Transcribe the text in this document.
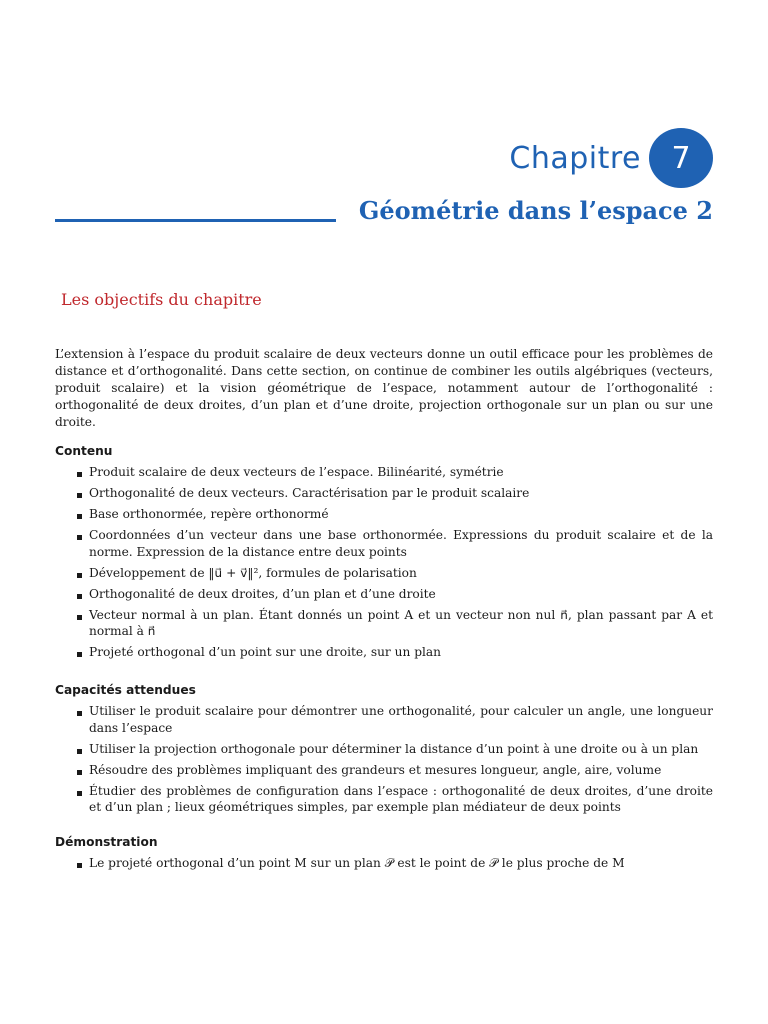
Chapitre	7
Géométrie dans l’espace 2
Les objectifs du chapitre

L’extension à l’espace du produit scalaire de deux vecteurs donne un outil efficace pour les problèmes de distance et d’orthogonalité. Dans cette section, on continue de combiner les outils algébriques (vecteurs, produit scalaire) et la vision géométrique de l’espace, notamment autour de l’orthogonalité : orthogonalité de deux droites, d’un plan et d’une droite, projection orthogonale sur un plan ou sur une droite.

Contenu
Produit scalaire de deux vecteurs de l’espace. Bilinéarité, symétrie
Orthogonalité de deux vecteurs. Caractérisation par le produit scalaire
Base orthonormée, repère orthonormé
Coordonnées d’un vecteur dans une base orthonormée. Expressions du produit scalaire et de la norme. Expression de la distance entre deux points
Développement de ‖u⃗ + v⃗‖², formules de polarisation
Orthogonalité de deux droites, d’un plan et d’une droite
Vecteur normal à un plan. Étant donnés un point A et un vecteur non nul n⃗, plan passant par A et normal à n⃗
Projeté orthogonal d’un point sur une droite, sur un plan
Capacités attendues
Utiliser le produit scalaire pour démontrer une orthogonalité, pour calculer un angle, une longueur dans l’espace
Utiliser la projection orthogonale pour déterminer la distance d’un point à une droite ou à un plan
Résoudre des problèmes impliquant des grandeurs et mesures longueur, angle, aire, volume
Étudier des problèmes de configuration dans l’espace : orthogonalité de deux droites, d’une droite et d’un plan ; lieux géométriques simples, par exemple plan médiateur de deux points
Démonstration
Le projeté orthogonal d’un point M sur un plan 𝒫 est le point de 𝒫 le plus proche de M
